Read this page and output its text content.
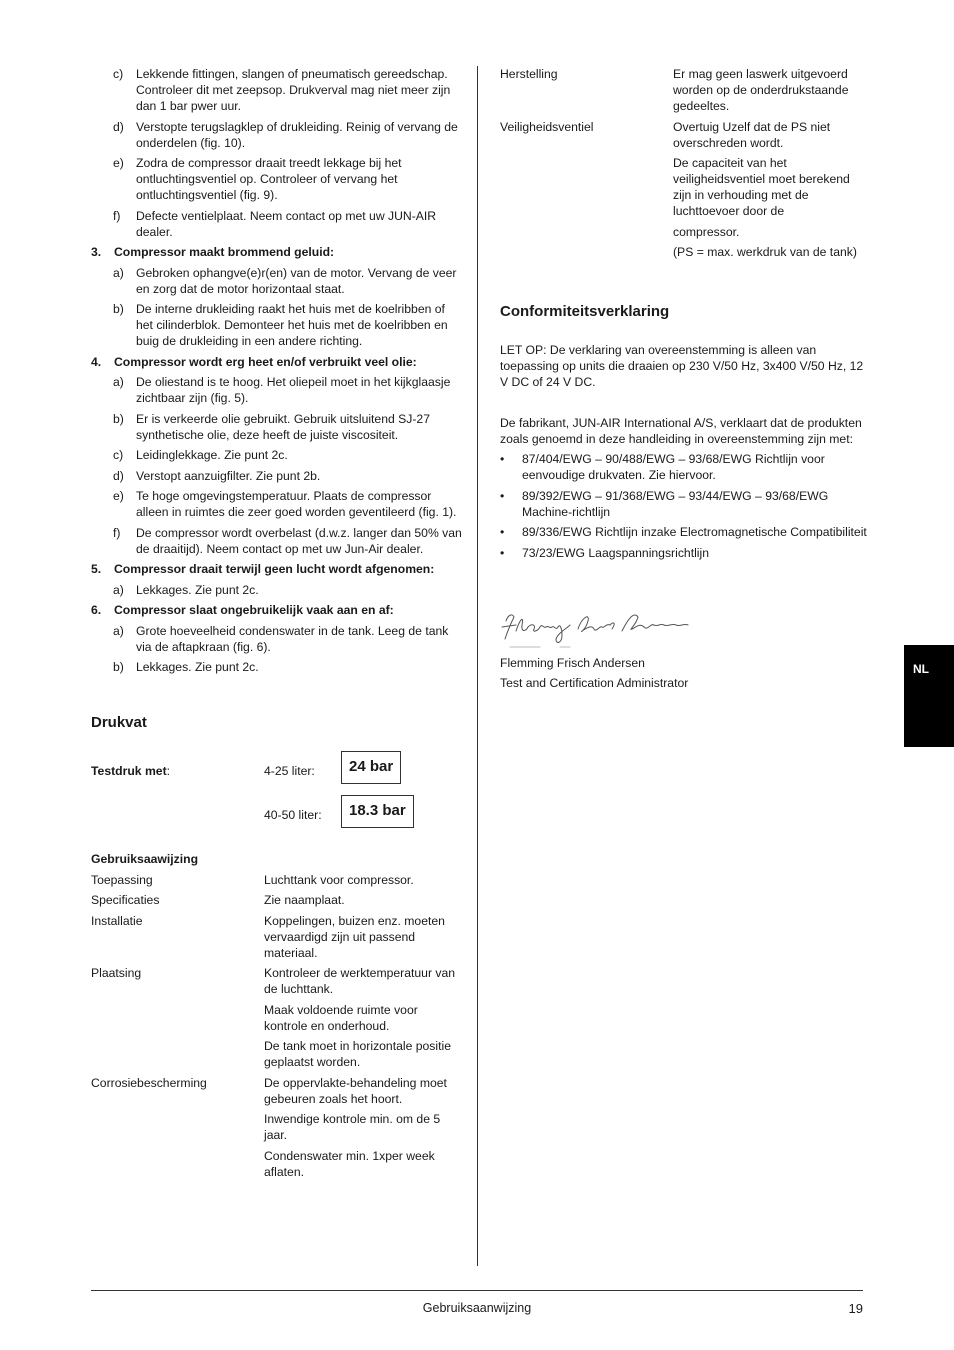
c)	Lekkende fittingen, slangen of pneumatisch gereedschap. Controleer dit met zeepsop. Drukverval mag niet meer zijn dan 1 bar pwer uur.
d) Verstopte terugslagklep of drukleiding. Reinig of vervang de onderdelen (fig. 10).
e) Zodra de compressor draait treedt lekkage bij het ontluchtingsventiel op. Controleer of vervang het ontluchtingsventiel (fig. 9).
f)	Defecte ventielplaat. Neem contact op met uw JUN-AIR dealer.
3.	Compressor maakt brommend geluid:
a) Gebroken ophangve(e)r(en) van de motor. Vervang de veer en zorg dat de motor horizontaal staat.
b) De interne drukleiding raakt het huis met de koelribben of het cilinderblok. Demonteer het huis met de koelribben en buig de drukleiding in een andere richting.
4.	Compressor wordt erg heet en/of verbruikt veel olie:
a) De oliestand is te hoog. Het oliepeil moet in het kijkglaasje zichtbaar zijn (fig. 5).
b) Er is verkeerde olie gebruikt. Gebruik uitsluitend SJ-27 synthetische olie, deze heeft de juiste viscositeit.
c)	Leidinglekkage. Zie punt 2c.
d) Verstopt aanzuigfilter. Zie punt 2b.
e) Te hoge omgevingstemperatuur. Plaats de compressor alleen in ruimtes die zeer goed worden geventileerd (fig. 1).
f)	De compressor wordt overbelast (d.w.z. langer dan 50% van de draaitijd). Neem contact op met uw Jun-Air dealer.
5.	Compressor draait terwijl geen lucht wordt afgenomen:
a) Lekkages. Zie punt 2c.
6.	Compressor slaat ongebruikelijk vaak aan en af:
a) Grote hoeveelheid condenswater in de tank. Leeg de tank via de aftapkraan (fig. 6).
b) Lekkages. Zie punt 2c.
Drukvat
Testdruk met:	4-25 liter:	24 bar
40-50 liter:	18.3 bar
Gebruiksaawijzing
Toepassing	Luchttank voor compressor.

Specificaties	Zie naamplaat.

Installatie	Koppelingen, buizen enz. moeten vervaardigd zijn uit passend materiaal.

Plaatsing	Kontroleer de werktemperatuur van de luchttank.

Maak voldoende ruimte voor kontrole en onderhoud.

De tank moet in horizontale positie geplaatst worden.

Corrosiebescherming	De oppervlakte-behandeling moet gebeuren zoals het hoort.

Inwendige kontrole min. om de 5 jaar.

Condenswater min. 1xper week aflaten.

Herstelling	Er mag geen laswerk uitgevoerd worden op de onderdrukstaande gedeeltes.

Veiligheidsventiel	Overtuig Uzelf dat de PS niet overschreden wordt.

De capaciteit van het veiligheidsventiel moet berekend zijn in verhouding met de luchttoevoer door de

compressor.

(PS = max. werkdruk van de tank)

Conformiteitsverklaring

LET OP: De verklaring van overeenstemming is alleen van toepassing op units die draaien op 230 V/50 Hz, 3x400 V/50 Hz, 12 V DC of 24 V DC.

De fabrikant, JUN-AIR International A/S, verklaart dat de produkten zoals genoemd in deze handleiding in overeenstemming zijn met:

•	87/404/EWG – 90/488/EWG – 93/68/EWG Richtlijn voor eenvoudige drukvaten. Zie hiervoor.
•	89/392/EWG – 91/368/EWG – 93/44/EWG – 93/68/EWG Machine-richtlijn
•	89/336/EWG Richtlijn inzake Electromagnetische Compatibiliteit
•	73/23/EWG Laagspanningsrichtlijn

Flemming Frisch Andersen

Test and Certification Administrator

NL
Gebruiksaanwijzing	19
